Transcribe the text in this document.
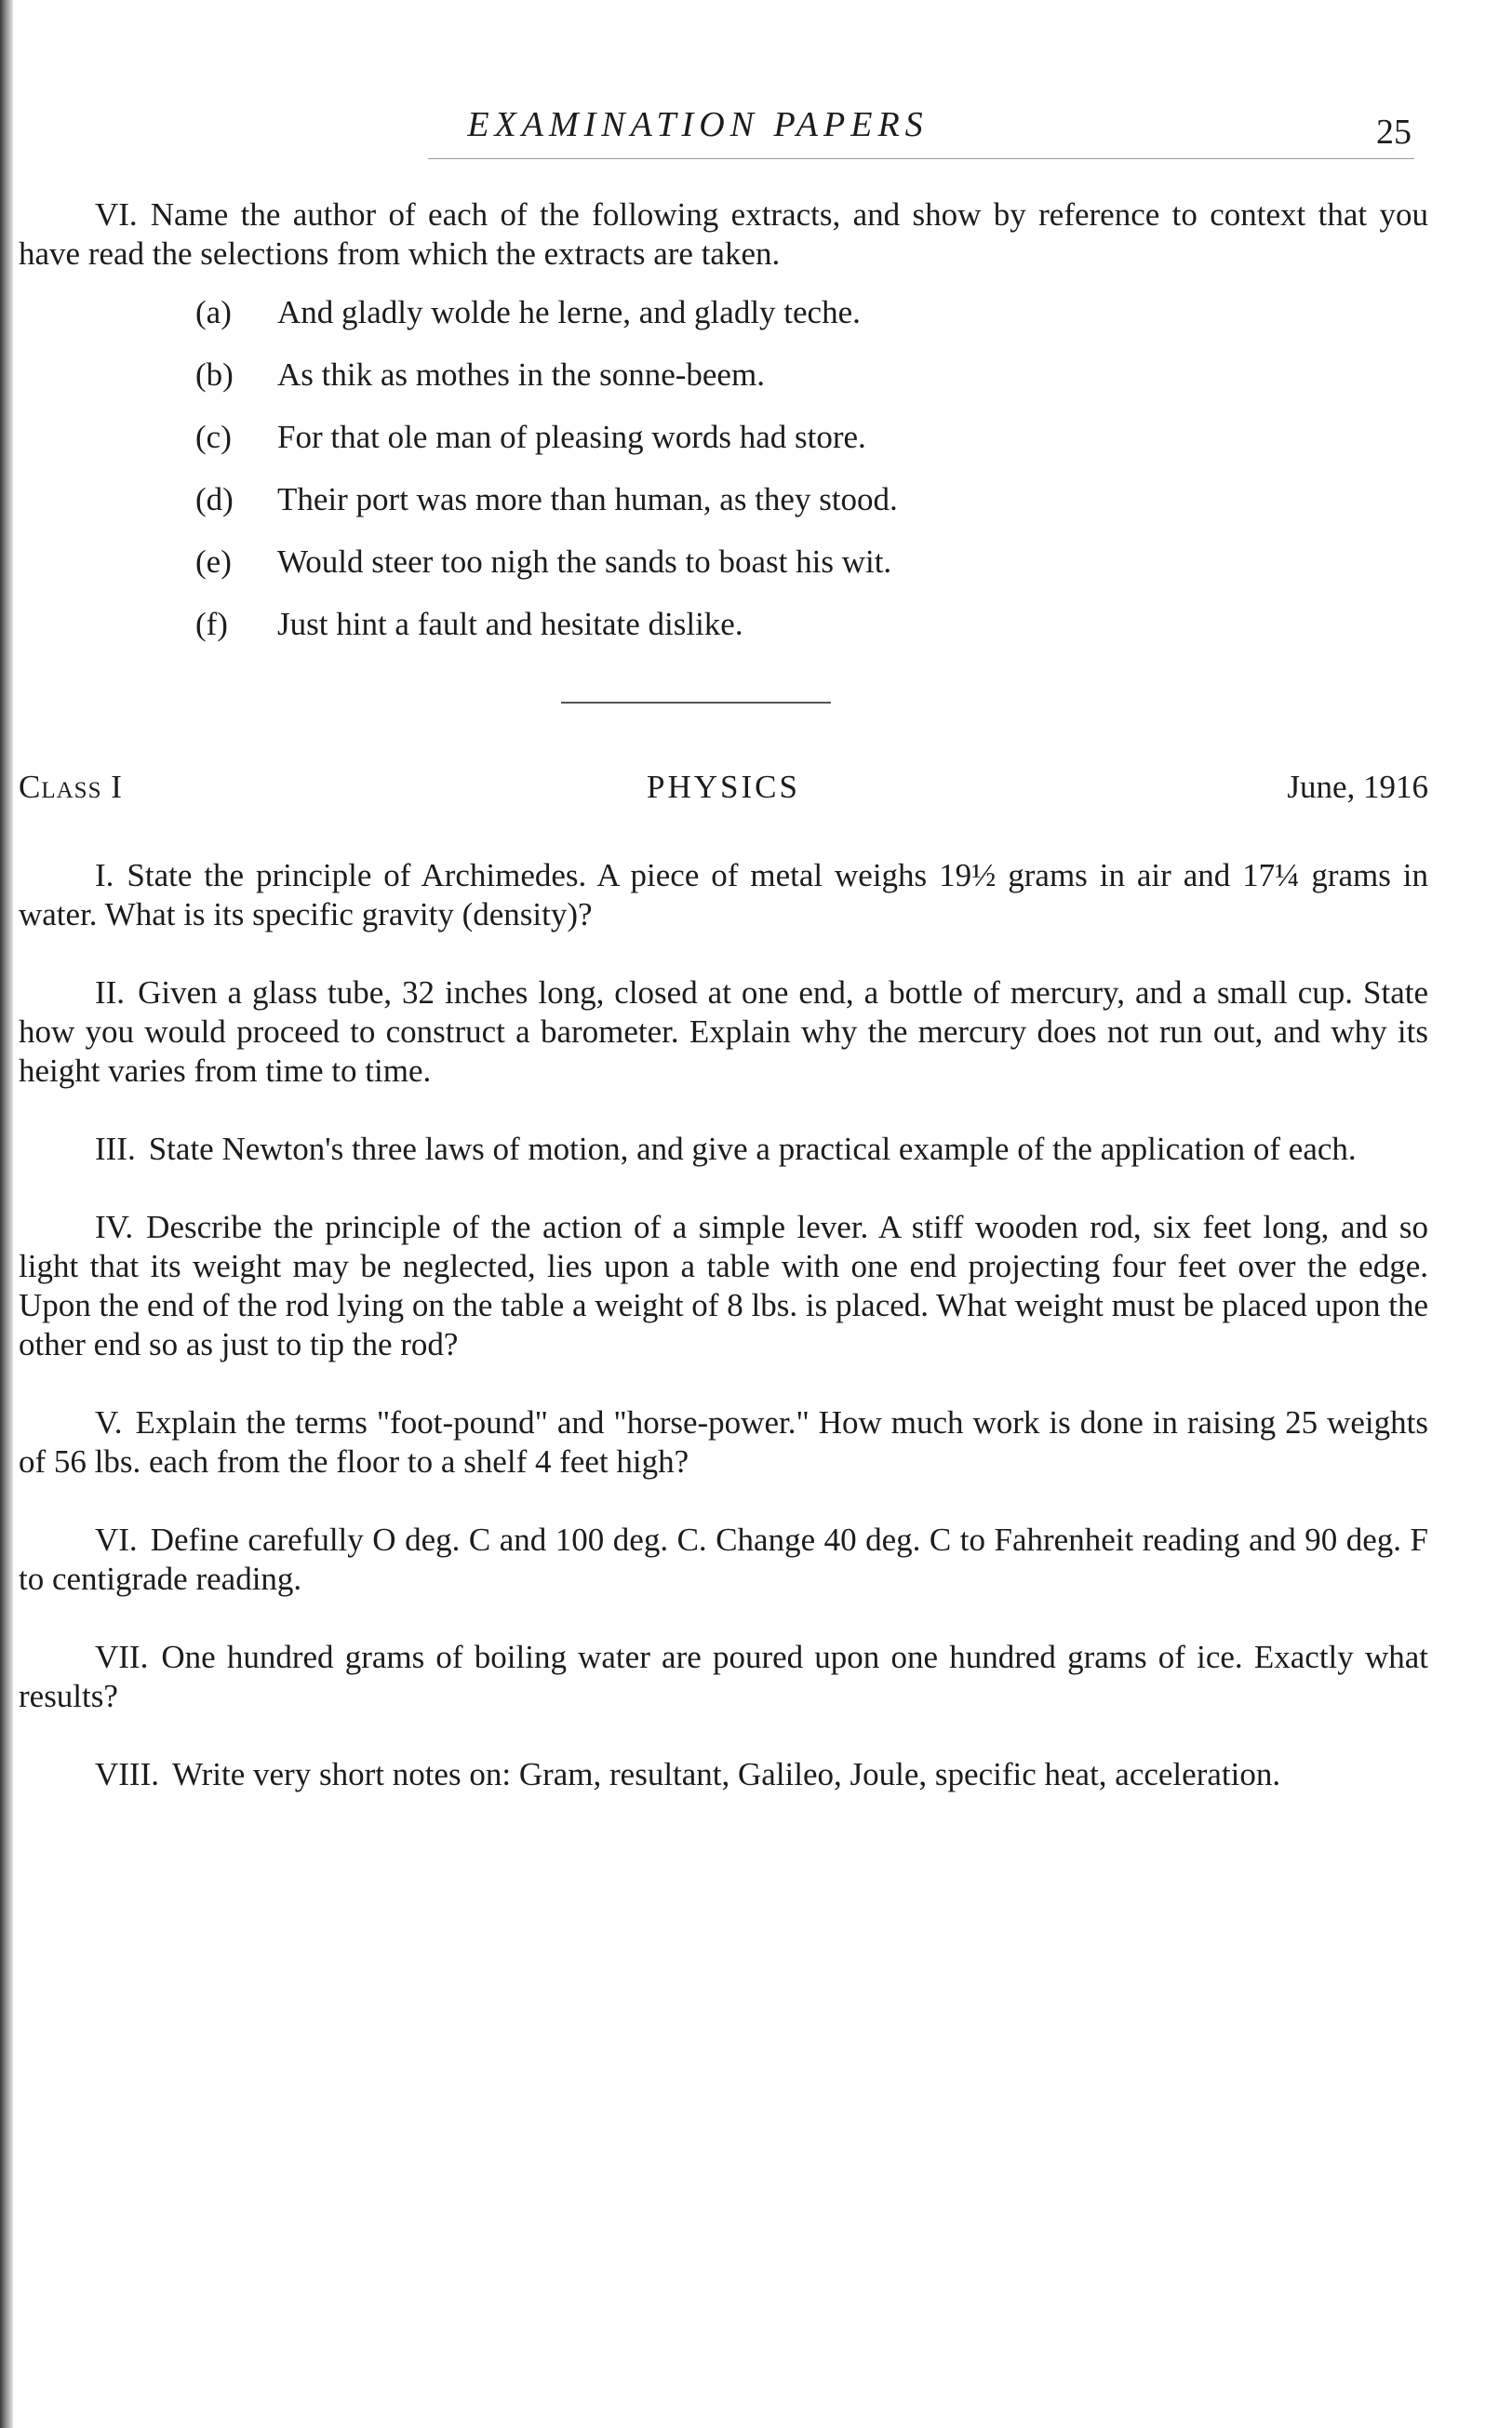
EXAMINATION PAPERS	25

VI. Name the author of each of the following extracts, and show by reference to context that you have read the selections from which the extracts are taken.

(a)	And gladly wolde he lerne, and gladly teche.
(b)	As thik as mothes in the sonne-beem.
(c)	For that ole man of pleasing words had store.
(d)	Their port was more than human, as they stood.
(e)	Would steer too nigh the sands to boast his wit.
(f)	Just hint a fault and hesitate dislike.
Class I	PHYSICS	June, 1916

I. State the principle of Archimedes. A piece of metal weighs 19½ grams in air and 17¼ grams in water. What is its specific gravity (density)?

II. Given a glass tube, 32 inches long, closed at one end, a bottle of mercury, and a small cup. State how you would proceed to construct a barometer. Explain why the mercury does not run out, and why its height varies from time to time.

III. State Newton's three laws of motion, and give a practical example of the application of each.

IV. Describe the principle of the action of a simple lever. A stiff wooden rod, six feet long, and so light that its weight may be neglected, lies upon a table with one end projecting four feet over the edge. Upon the end of the rod lying on the table a weight of 8 lbs. is placed. What weight must be placed upon the other end so as just to tip the rod?

V. Explain the terms "foot-pound" and "horse-power." How much work is done in raising 25 weights of 56 lbs. each from the floor to a shelf 4 feet high?

VI. Define carefully O deg. C and 100 deg. C. Change 40 deg. C to Fahrenheit reading and 90 deg. F to centigrade reading.

VII. One hundred grams of boiling water are poured upon one hundred grams of ice. Exactly what results?

VIII. Write very short notes on: Gram, resultant, Galileo, Joule, specific heat, acceleration.
